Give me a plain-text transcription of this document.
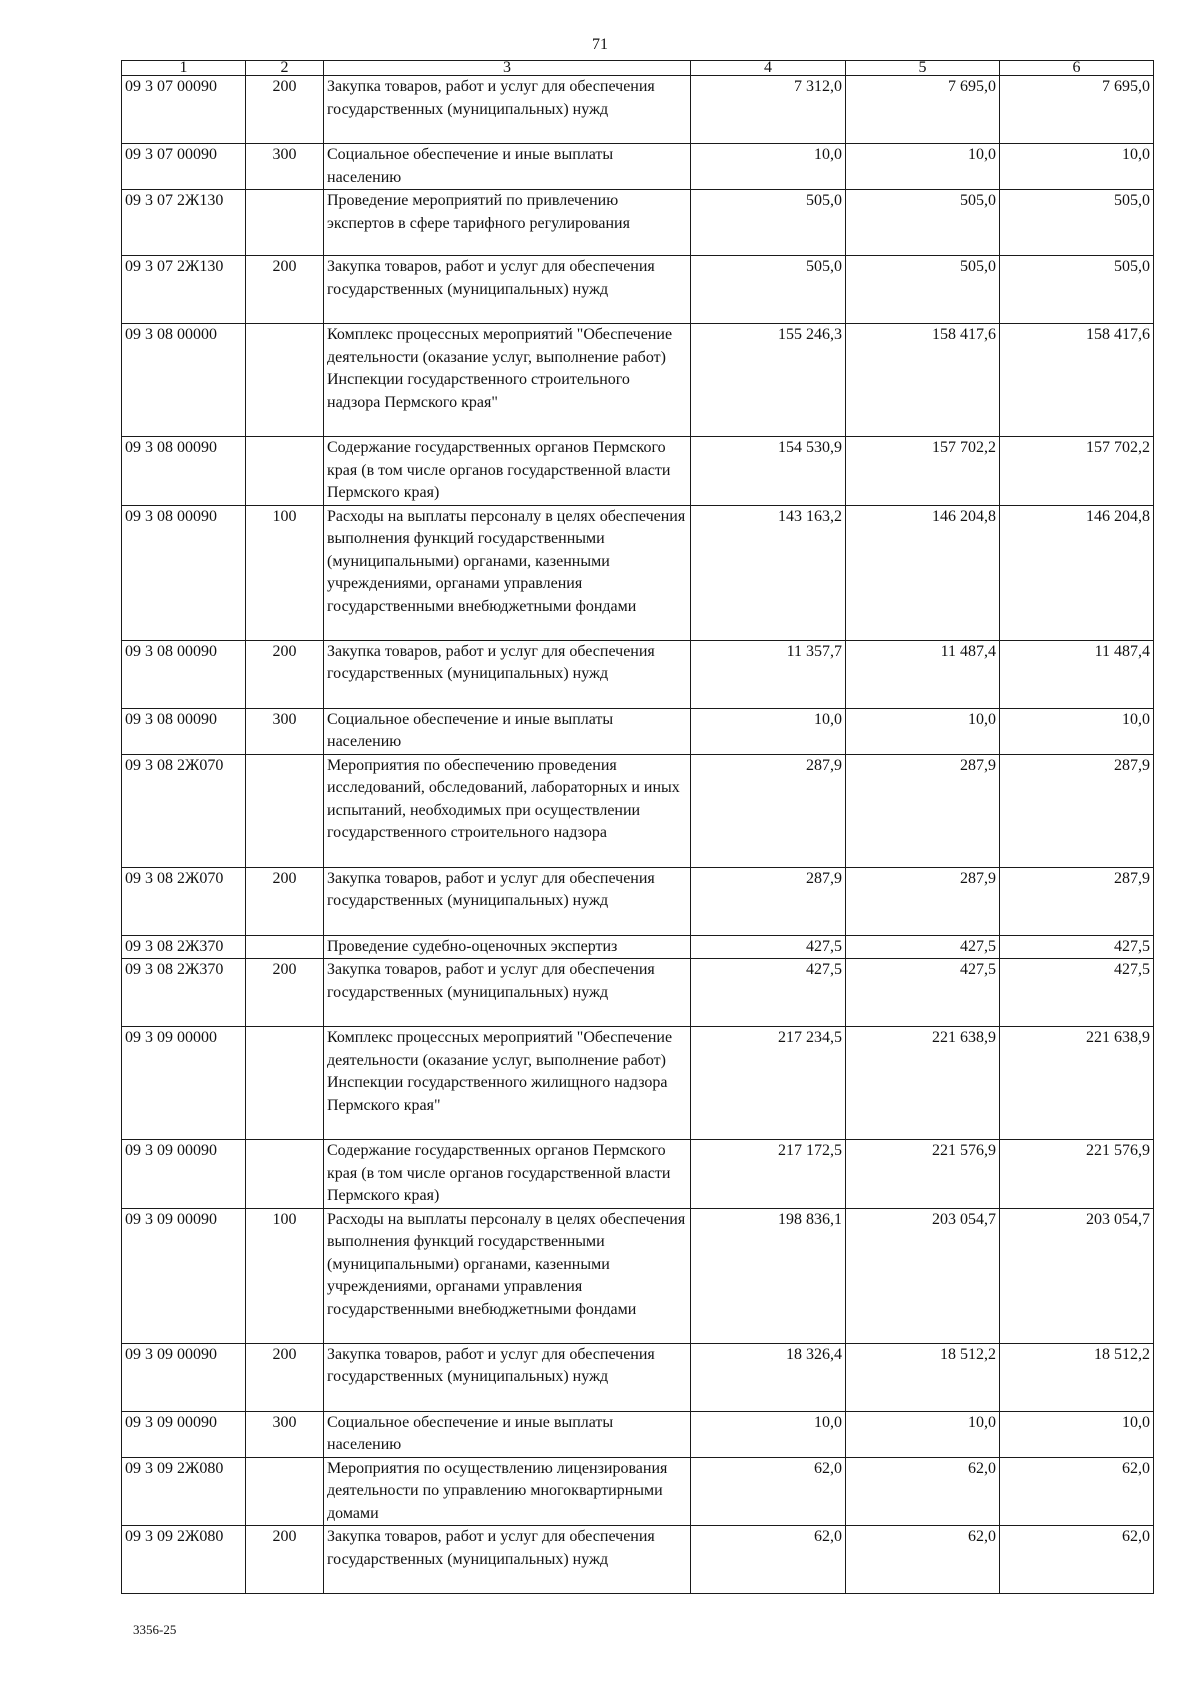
71
1	2	3	4	5	6
09 3 07 00090	200	Закупка товаров, работ и услуг для обеспечения государственных (муниципальных) нужд	7 312,0	7 695,0	7 695,0
09 3 07 00090	300	Социальное обеспечение и иные выплаты населению	10,0	10,0	10,0
09 3 07 2Ж130		Проведение мероприятий по привлечению экспертов в сфере тарифного регулирования	505,0	505,0	505,0
09 3 07 2Ж130	200	Закупка товаров, работ и услуг для обеспечения государственных (муниципальных) нужд	505,0	505,0	505,0
09 3 08 00000		Комплекс процессных мероприятий "Обеспечение деятельности (оказание услуг, выполнение работ) Инспекции государственного строительного надзора Пермского края"	155 246,3	158 417,6	158 417,6
09 3 08 00090		Содержание государственных органов Пермского края (в том числе органов государственной власти Пермского края)	154 530,9	157 702,2	157 702,2
09 3 08 00090	100	Расходы на выплаты персоналу в целях обеспечения выполнения функций государственными (муниципальными) органами, казенными учреждениями, органами управления государственными внебюджетными фондами	143 163,2	146 204,8	146 204,8
09 3 08 00090	200	Закупка товаров, работ и услуг для обеспечения государственных (муниципальных) нужд	11 357,7	11 487,4	11 487,4
09 3 08 00090	300	Социальное обеспечение и иные выплаты населению	10,0	10,0	10,0
09 3 08 2Ж070		Мероприятия по обеспечению проведения исследований, обследований, лабораторных и иных испытаний, необходимых при осуществлении государственного строительного надзора	287,9	287,9	287,9
09 3 08 2Ж070	200	Закупка товаров, работ и услуг для обеспечения государственных (муниципальных) нужд	287,9	287,9	287,9
09 3 08 2Ж370		Проведение судебно-оценочных экспертиз	427,5	427,5	427,5
09 3 08 2Ж370	200	Закупка товаров, работ и услуг для обеспечения государственных (муниципальных) нужд	427,5	427,5	427,5
09 3 09 00000		Комплекс процессных мероприятий "Обеспечение деятельности (оказание услуг, выполнение работ) Инспекции государственного жилищного надзора Пермского края"	217 234,5	221 638,9	221 638,9
09 3 09 00090		Содержание государственных органов Пермского края (в том числе органов государственной власти Пермского края)	217 172,5	221 576,9	221 576,9
09 3 09 00090	100	Расходы на выплаты персоналу в целях обеспечения выполнения функций государственными (муниципальными) органами, казенными учреждениями, органами управления государственными внебюджетными фондами	198 836,1	203 054,7	203 054,7
09 3 09 00090	200	Закупка товаров, работ и услуг для обеспечения государственных (муниципальных) нужд	18 326,4	18 512,2	18 512,2
09 3 09 00090	300	Социальное обеспечение и иные выплаты населению	10,0	10,0	10,0
09 3 09 2Ж080		Мероприятия по осуществлению лицензирования деятельности по управлению многоквартирными домами	62,0	62,0	62,0
09 3 09 2Ж080	200	Закупка товаров, работ и услуг для обеспечения государственных (муниципальных) нужд	62,0	62,0	62,0
3356-25
